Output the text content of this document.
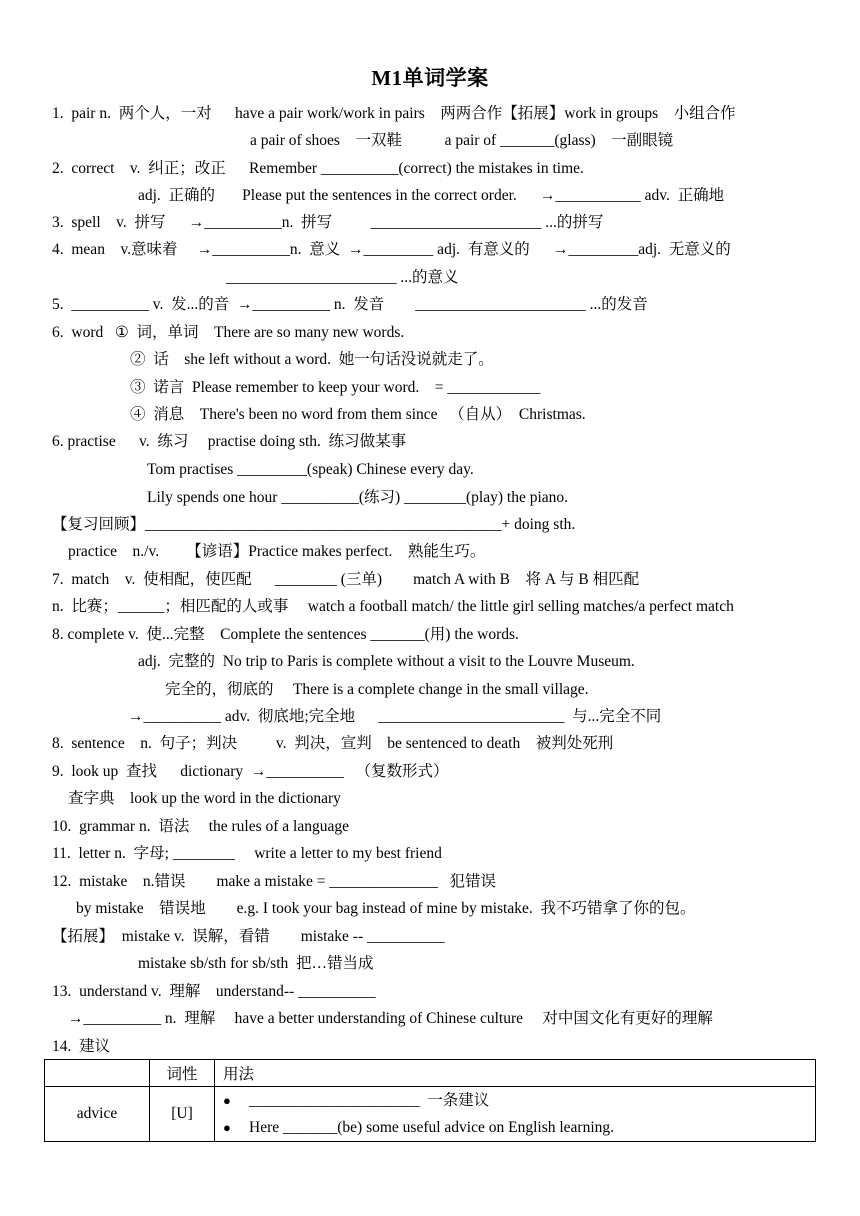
M1单词学案
1.  pair n.  两个人，一对      have a pair work/work in pairs    两两合作【拓展】work in groups    小组合作
a pair of shoes    一双鞋           a pair of _______(glass)    一副眼镜
2.  correct    v.  纠正；改正      Remember __________(correct) the mistakes in time.
adj.  正确的       Please put the sentences in the correct order.      →___________ adv.  正确地
3.  spell    v.  拼写      →__________n.  拼写          ______________________ ...的拼写
4.  mean    v.意味着     →__________n.  意义  →_________ adj.  有意义的      →_________adj.  无意义的
______________________ ...的意义
5.  __________ v.  发...的音  →__________ n.  发音        ______________________ ...的发音
6.  word   ①  词，单词    There are so many new words.
②  话    she left without a word.  她一句话没说就走了。
③  诺言  Please remember to keep your word.    = ____________
④  消息    There's been no word from them since   （自从）  Christmas.
6. practise      v.  练习     practise doing sth.  练习做某事
Tom practises _________(speak) Chinese every day.
Lily spends one hour __________(练习) ________(play) the piano.
【复习回顾】______________________________________________+ doing sth.
practice    n./v.       【谚语】Practice makes perfect.    熟能生巧。
7.  match    v.  使相配，使匹配      ________ (三单)        match A with B    将 A 与 B 相匹配
n.  比赛；______；相匹配的人或事     watch a football match/ the little girl selling matches/a perfect match
8. complete v.  使...完整    Complete the sentences _______(用) the words.
adj.  完整的  No trip to Paris is complete without a visit to the Louvre Museum.
完全的，彻底的     There is a complete change in the small village.
→__________ adv.  彻底地;完全地      ________________________  与...完全不同
8.  sentence    n.  句子；判决          v.  判决，宣判    be sentenced to death    被判处死刑
9.  look up  查找      dictionary  →__________   （复数形式）
查字典    look up the word in the dictionary
10.  grammar n.  语法     the rules of a language
11.  letter n.  字母; ________     write a letter to my best friend
12.  mistake    n.错误        make a mistake = ______________   犯错误
by mistake    错误地        e.g. I took your bag instead of mine by mistake.  我不巧错拿了你的包。
【拓展】  mistake v.  误解，看错        mistake -- __________
mistake sb/sth for sb/sth  把…错当成
13.  understand v.  理解    understand-- __________
→__________ n.  理解     have a better understanding of Chinese culture     对中国文化有更好的理解
14.  建议
	词性	用法
advice	[U]	● ______________________  一条建议
● Here _______(be) some useful advice on English learning.
